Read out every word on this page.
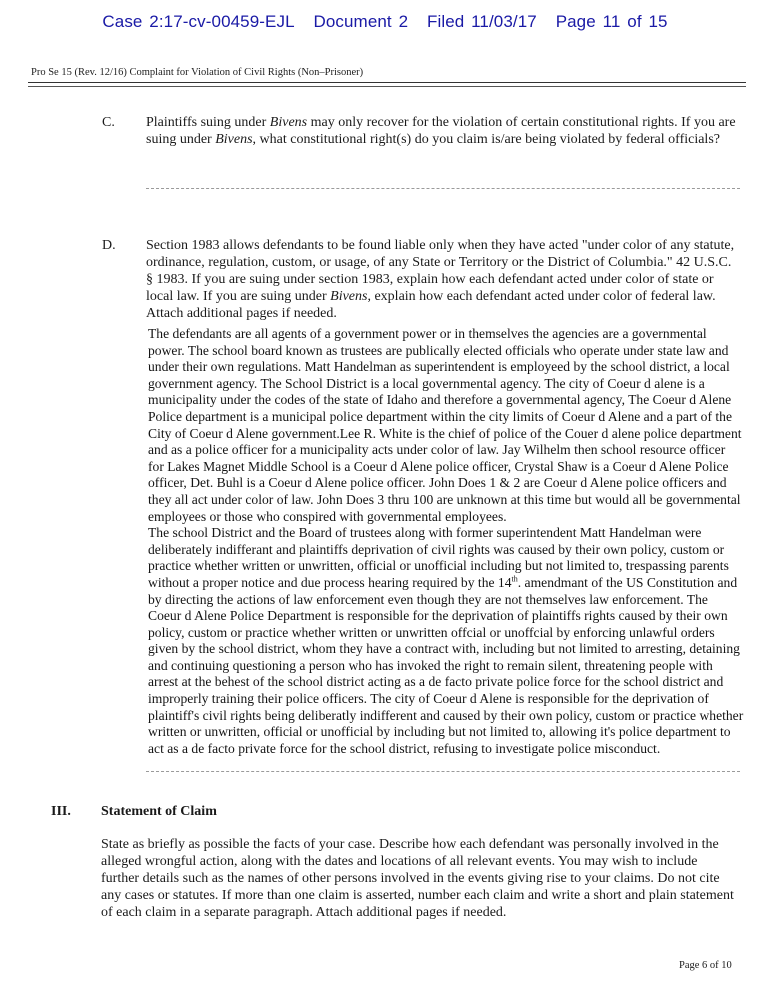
Case 2:17-cv-00459-EJL Document 2 Filed 11/03/17 Page 11 of 15
Pro Se 15 (Rev. 12/16) Complaint for Violation of Civil Rights (Non–Prisoner)
C. Plaintiffs suing under Bivens may only recover for the violation of certain constitutional rights. If you are suing under Bivens, what constitutional right(s) do you claim is/are being violated by federal officials?
D. Section 1983 allows defendants to be found liable only when they have acted "under color of any statute, ordinance, regulation, custom, or usage, of any State or Territory or the District of Columbia." 42 U.S.C. § 1983. If you are suing under section 1983, explain how each defendant acted under color of state or local law. If you are suing under Bivens, explain how each defendant acted under color of federal law. Attach additional pages if needed.

The defendants are all agents of a government power or in themselves the agencies are a governmental power. The school board known as trustees are publically elected officials who operate under state law and under their own regulations. Matt Handelman as superintendent is employeed by the school district, a local government agency. The School District is a local governmental agency. The city of Coeur d alene is a municipality under the codes of the state of Idaho and therefore a governmental agency, The Coeur d Alene Police department is a municipal police department within the city limits of Coeur d Alene and a part of the City of Coeur d Alene government.Lee R. White is the chief of police of the Couer d alene police department and as a police officer for a municipality acts under color of law. Jay Wilhelm then school resource officer for Lakes Magnet Middle School is a Coeur d Alene police officer, Crystal Shaw is a Coeur d Alene Police officer, Det. Buhl is a Coeur d Alene police officer. John Does 1 & 2 are Coeur d Alene police officers and they all act under color of law. John Does 3 thru 100 are unknown at this time but would all be governmental employees or those who conspired with governmental employees.

The school District and the Board of trustees along with former superintendent Matt Handelman were deliberately indifferant and plaintiffs deprivation of civil rights was caused by their own policy, custom or practice whether written or unwritten, official or unofficial including but not limited to, trespassing parents without a proper notice and due process hearing required by the 14th. amendmant of the US Constitution and by directing the actions of law enforcement even though they are not themselves law enforcement. The Coeur d Alene Police Department is responsible for the deprivation of plaintiffs rights caused by their own policy, custom or practice whether written or unwritten offcial or unoffcial by enforcing unlawful orders given by the school district, whom they have a contract with, including but not limited to arresting, detaining and continuing questioning a person who has invoked the right to remain silent, threatening people with arrest at the behest of the school district acting as a de facto private police force for the school district and improperly training their police officers. The city of Coeur d Alene is responsible for the deprivation of plaintiff's civil rights being deliberatly indifferent and caused by their own policy, custom or practice whether written or unwritten, official or unofficial by including but not limited to, allowing it's police department to act as a de facto private force for the school district, refusing to investigate police misconduct.

III. Statement of Claim
State as briefly as possible the facts of your case. Describe how each defendant was personally involved in the alleged wrongful action, along with the dates and locations of all relevant events. You may wish to include further details such as the names of other persons involved in the events giving rise to your claims. Do not cite any cases or statutes. If more than one claim is asserted, number each claim and write a short and plain statement of each claim in a separate paragraph. Attach additional pages if needed.
Page 6 of 10
